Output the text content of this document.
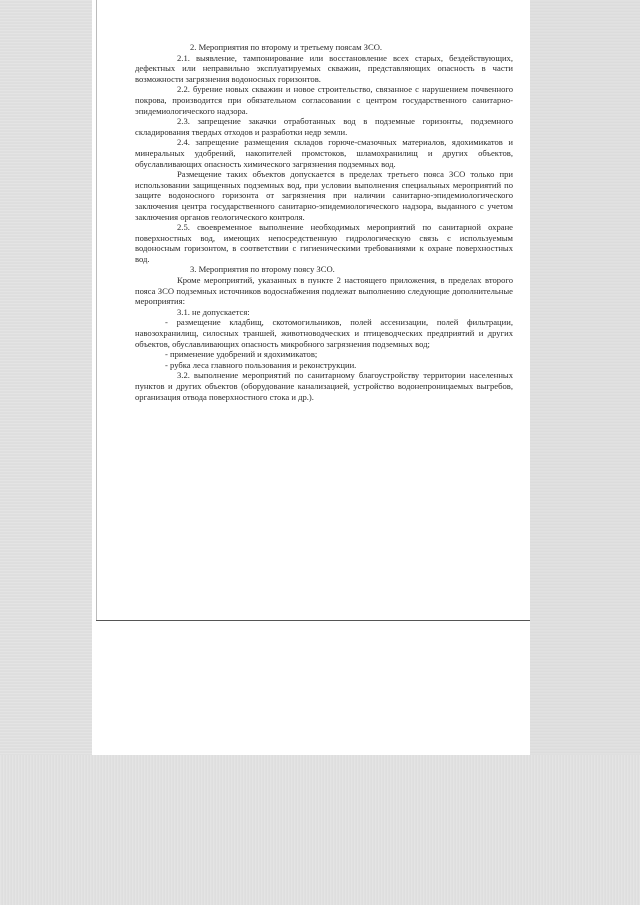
2. Мероприятия по второму и третьему поясам ЗСО.

2.1. выявление, тампонирование или восстановление всех старых, бездействующих, дефектных или неправильно эксплуатируемых скважин, представляющих опасность в части возможности загрязнения водоносных горизонтов.

2.2. бурение новых скважин и новое строительство, связанное с нарушением почвенного покрова, производится при обязательном согласовании с центром государственного санитарно-эпидемиологического надзора.

2.3. запрещение закачки отработанных вод в подземные горизонты, подземного складирования твердых отходов и разработки недр земли.

2.4. запрещение размещения складов горюче-смазочных материалов, ядохимикатов и минеральных удобрений, накопителей промстоков, шламохранилищ и других объектов, обуславливающих опасность химического загрязнения подземных вод.

Размещение таких объектов допускается в пределах третьего пояса ЗСО только при использовании защищенных подземных вод, при условии выполнения специальных мероприятий по защите водоносного горизонта от загрязнения при наличии санитарно-эпидемиологического заключения центра государственного санитарно-эпидемиологического надзора, выданного с учетом заключения органов геологического контроля.

2.5. своевременное выполнение необходимых мероприятий по санитарной охране поверхностных вод, имеющих непосредственную гидрологическую связь с используемым водоносным горизонтом, в соответствии с гигиеническими требованиями к охране поверхностных вод.

3. Мероприятия по второму поясу ЗСО.

Кроме мероприятий, указанных в пункте 2 настоящего приложения, в пределах второго пояса ЗСО подземных источников водоснабжения подлежат выполнению следующие дополнительные мероприятия:

3.1. не допускается:

- размещение кладбищ, скотомогильников, полей ассенизации, полей фильтрации, навозохранилищ, силосных траншей, животноводческих и птицеводческих предприятий и других объектов, обуславливающих опасность микробного загрязнения подземных вод;

- применение удобрений и ядохимикатов;

- рубка леса главного пользования и реконструкции.

3.2. выполнение мероприятий по санитарному благоустройству территории населенных пунктов и других объектов (оборудование канализацией, устройство водонепроницаемых выгребов, организация отвода поверхностного стока и др.).
